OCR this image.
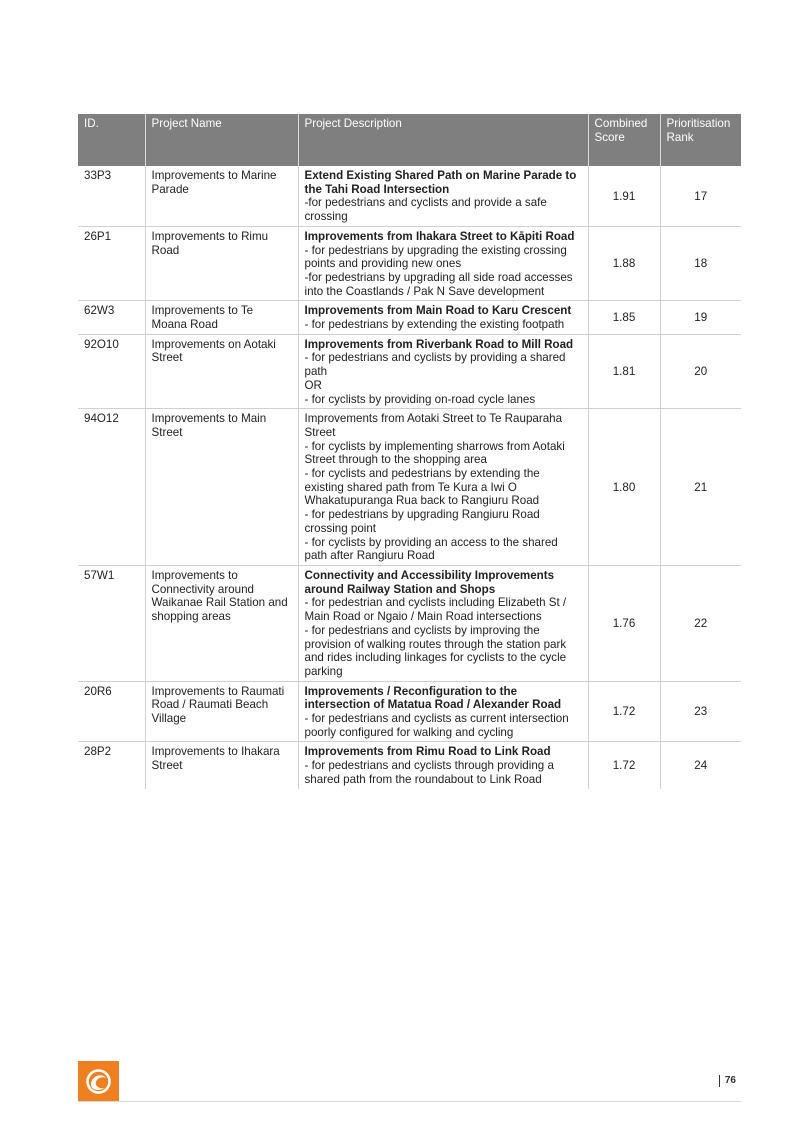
ID.	Project Name	Project Description	Combined Score	Prioritisation Rank
33P3	Improvements to Marine Parade	Extend Existing Shared Path on Marine Parade to the Tahi Road Intersection
-for pedestrians and cyclists and provide a safe crossing	1.91	17
26P1	Improvements to Rimu Road	Improvements from Ihakara Street to Kāpiti Road
- for pedestrians by upgrading the existing crossing points and providing new ones
-for pedestrians by upgrading all side road accesses into the Coastlands / Pak N Save development	1.88	18
62W3	Improvements to Te Moana Road	Improvements from Main Road to Karu Crescent
- for pedestrians by extending the existing footpath	1.85	19
92O10	Improvements on Aotaki Street	Improvements from Riverbank Road to Mill Road
- for pedestrians and cyclists by providing a shared path
OR
- for cyclists by providing on-road cycle lanes	1.81	20
94O12	Improvements to Main Street	Improvements from Aotaki Street to Te Rauparaha Street
- for cyclists by implementing sharrows from Aotaki Street through to the shopping area
- for cyclists and pedestrians by extending the existing shared path from Te Kura a Iwi O Whakatupuranga Rua back to Rangiuru Road
- for pedestrians by upgrading Rangiuru Road crossing point
- for cyclists by providing an access to the shared path after Rangiuru Road	1.80	21
57W1	Improvements to Connectivity around Waikanae Rail Station and shopping areas	Connectivity and Accessibility Improvements around Railway Station and Shops
- for pedestrian and cyclists including Elizabeth St / Main Road or Ngaio / Main Road intersections
- for pedestrians and cyclists by improving the provision of walking routes through the station park and rides including linkages for cyclists to the cycle parking	1.76	22
20R6	Improvements to Raumati Road / Raumati Beach Village	Improvements / Reconfiguration to the intersection of Matatua Road / Alexander Road
- for pedestrians and cyclists as current intersection poorly configured for walking and cycling	1.72	23
28P2	Improvements to Ihakara Street	Improvements from Rimu Road to Link Road
- for pedestrians and cyclists through providing a shared path from the roundabout to Link Road	1.72	24
76
